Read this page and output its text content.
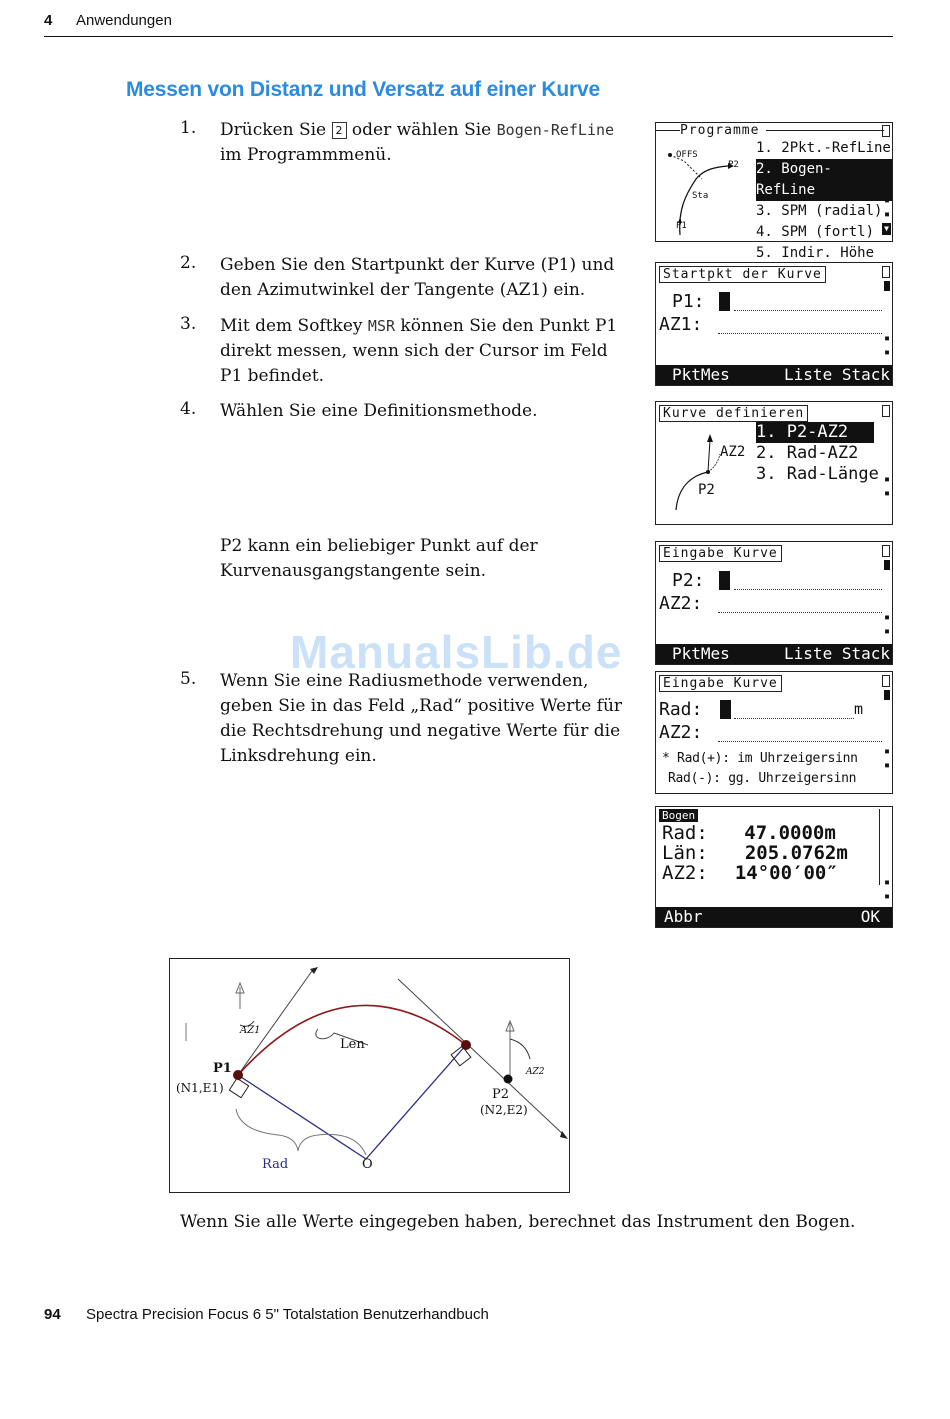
4 Anwendungen
Messen von Distanz und Versatz auf einer Kurve
1. Drücken Sie 2 oder wählen Sie Bogen-RefLine
im Programmmenü.
2. Geben Sie den Startpunkt der Kurve (P1) und den Azimutwinkel der Tangente (AZ1) ein.
3. Mit dem Softkey MSR können Sie den Punkt P1 direkt messen, wenn sich der Cursor im Feld P1 befindet.
4. Wählen Sie eine Definitionsmethode.
P2 kann ein beliebiger Punkt auf der Kurvenausgangstangente sein.
5. Wenn Sie eine Radiusmethode verwenden, geben Sie in das Feld „Rad“ positive Werte für die Rechtsdrehung und negative Werte für die Linksdrehung ein.
Programme
OFFS
P2
Sta
P1
1. 2Pkt.-RefLine
2. Bogen-RefLine
3. SPM (radial)
4. SPM (fortl)
5. Indir. Höhe
▪
▪
▼
Startpkt der Kurve
P1:
AZ1:
▪
▪
PktMes	Liste Stack
Kurve definieren
AZ2
P2
1. P2-AZ2
2. Rad-AZ2
3. Rad-Länge ▪
▪
Eingabe Kurve
P2:
AZ2:
▪
▪
PktMes	Liste Stack
ManualsLib.de
Eingabe Kurve
Rad:	m
AZ2:
* Rad(+): im Uhrzeigersinn
Rad(-): gg. Uhrzeigersinn
▪
▪
Bogen
Rad: 47.0000m
Län: 205.0762m
AZ2: 14°00′00″	▪
▪
Abbr	OK
AZ1
Len
P1
(N1,E1)	P2
(N2,E2)
AZ2
Rad	O
Wenn Sie alle Werte eingegeben haben, berechnet das Instrument den Bogen.
94 Spectra Precision Focus 6 5" Totalstation Benutzerhandbuch
